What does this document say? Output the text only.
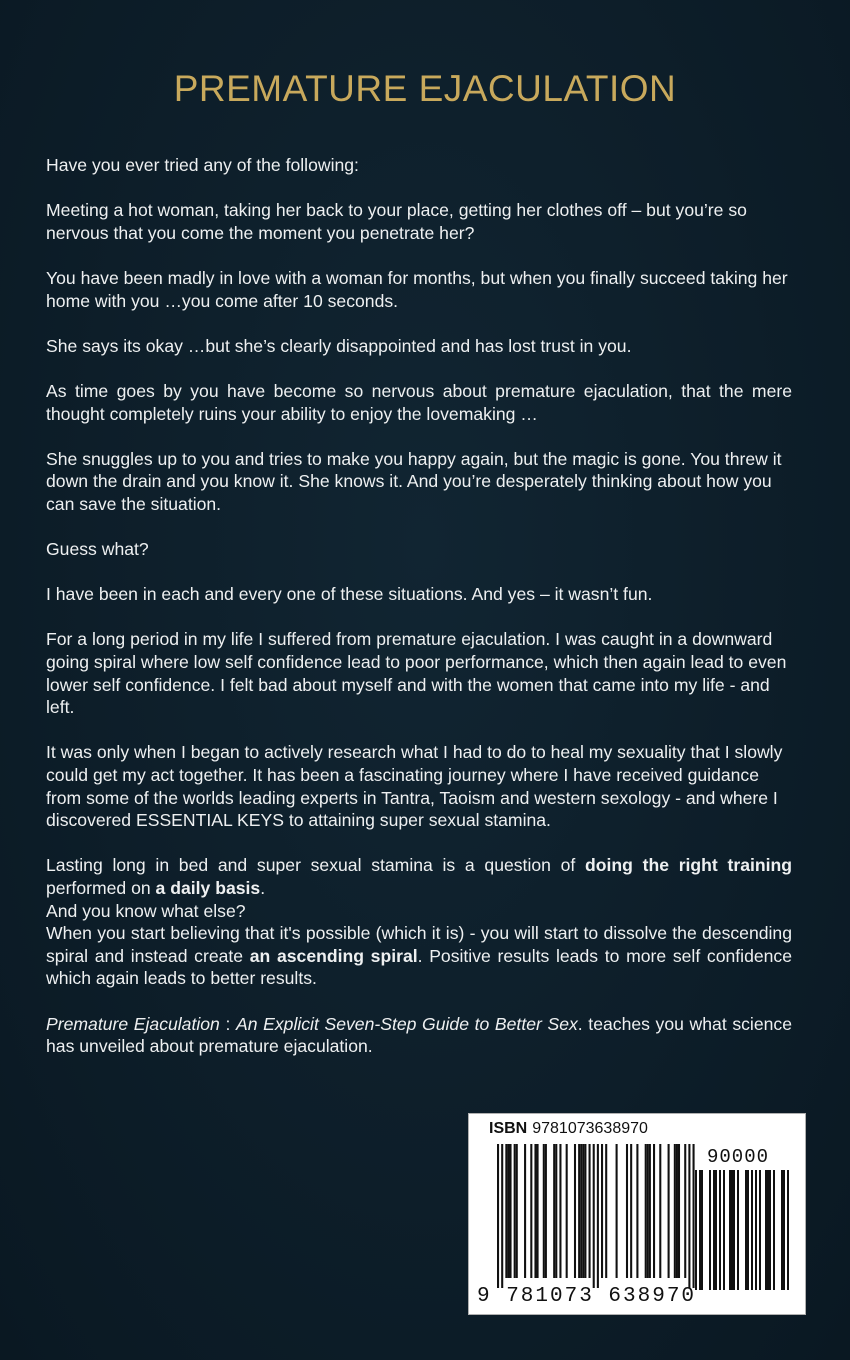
PREMATURE EJACULATION

Have you ever tried any of the following:

Meeting a hot woman, taking her back to your place, getting her clothes off – but you’re so nervous that you come the moment you penetrate her?

You have been madly in love with a woman for months, but when you finally succeed taking her home with you …you come after 10 seconds.

She says its okay …but she’s clearly disappointed and has lost trust in you.

As time goes by you have become so nervous about premature ejaculation, that the mere thought completely ruins your ability to enjoy the lovemaking …

She snuggles up to you and tries to make you happy again, but the magic is gone. You threw it down the drain and you know it. She knows it. And you’re desperately thinking about how you can save the situation.

Guess what?

I have been in each and every one of these situations. And yes – it wasn’t fun.

For a long period in my life I suffered from premature ejaculation. I was caught in a downward going spiral where low self confidence lead to poor performance, which then again lead to even lower self confidence. I felt bad about myself and with the women that came into my life - and left.

It was only when I began to actively research what I had to do to heal my sexuality that I slowly could get my act together. It has been a fascinating journey where I have received guidance from some of the worlds leading experts in Tantra, Taoism and western sexology - and where I discovered ESSENTIAL KEYS to attaining super sexual stamina.

Lasting long in bed and super sexual stamina is a question of doing the right training performed on a daily basis.

And you know what else?

When you start believing that it's possible (which it is) - you will start to dissolve the descending spiral and instead create an ascending spiral. Positive results leads to more self confidence which again leads to better results.

Premature Ejaculation : An Explicit Seven-Step Guide to Better Sex. teaches you what science has unveiled about premature ejaculation.

ISBN 9781073638970
90000
9 781073 638970
